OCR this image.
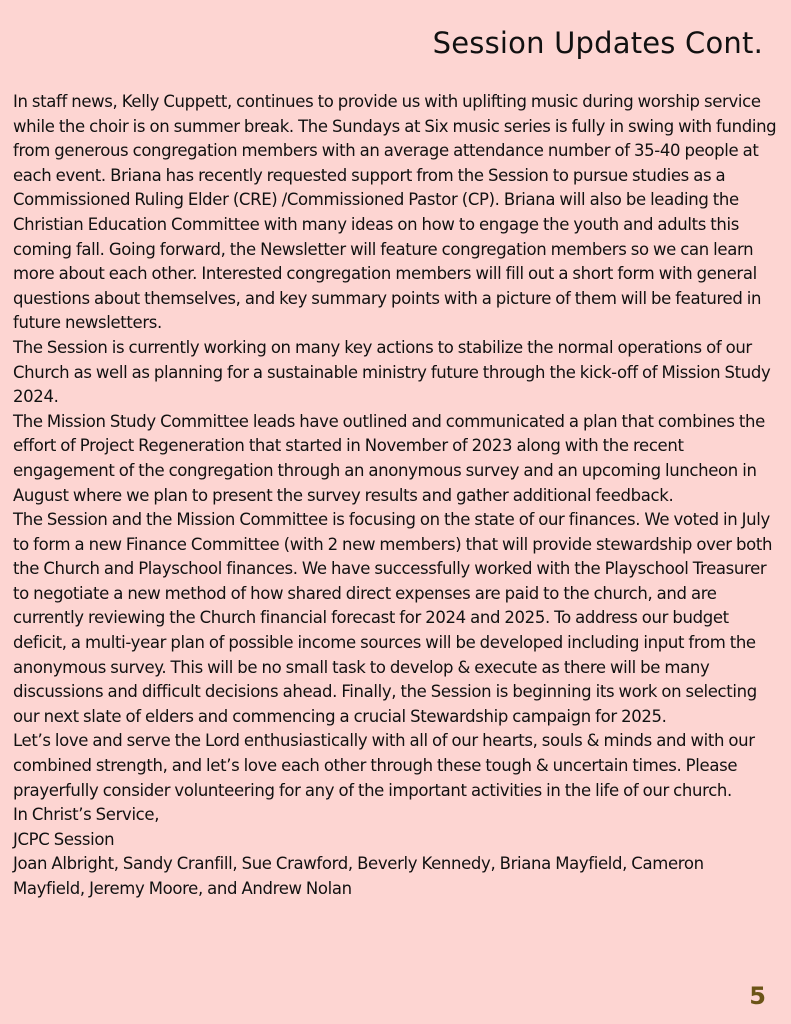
Session Updates Cont.

In staff news, Kelly Cuppett, continues to provide us with uplifting music during worship service while the choir is on summer break. The Sundays at Six music series is fully in swing with funding from generous congregation members with an average attendance number of 35-40 people at each event. Briana has recently requested support from the Session to pursue studies as a Commissioned Ruling Elder (CRE) /Commissioned Pastor (CP). Briana will also be leading the Christian Education Committee with many ideas on how to engage the youth and adults this coming fall. Going forward, the Newsletter will feature congregation members so we can learn more about each other. Interested congregation members will fill out a short form with general questions about themselves, and key summary points with a picture of them will be featured in future newsletters.

The Session is currently working on many key actions to stabilize the normal operations of our Church as well as planning for a sustainable ministry future through the kick-off of Mission Study 2024.

The Mission Study Committee leads have outlined and communicated a plan that combines the effort of Project Regeneration that started in November of 2023 along with the recent engagement of the congregation through an anonymous survey and an upcoming luncheon in August where we plan to present the survey results and gather additional feedback.

The Session and the Mission Committee is focusing on the state of our finances. We voted in July to form a new Finance Committee (with 2 new members) that will provide stewardship over both the Church and Playschool finances. We have successfully worked with the Playschool Treasurer to negotiate a new method of how shared direct expenses are paid to the church, and are currently reviewing the Church financial forecast for 2024 and 2025. To address our budget deficit, a multi-year plan of possible income sources will be developed including input from the anonymous survey. This will be no small task to develop & execute as there will be many discussions and difficult decisions ahead. Finally, the Session is beginning its work on selecting our next slate of elders and commencing a crucial Stewardship campaign for 2025.

Let’s love and serve the Lord enthusiastically with all of our hearts, souls & minds and with our combined strength, and let’s love each other through these tough & uncertain times. Please prayerfully consider volunteering for any of the important activities in the life of our church.

In Christ’s Service,

JCPC Session

Joan Albright, Sandy Cranfill, Sue Crawford, Beverly Kennedy, Briana Mayfield, Cameron Mayfield, Jeremy Moore, and Andrew Nolan

5
